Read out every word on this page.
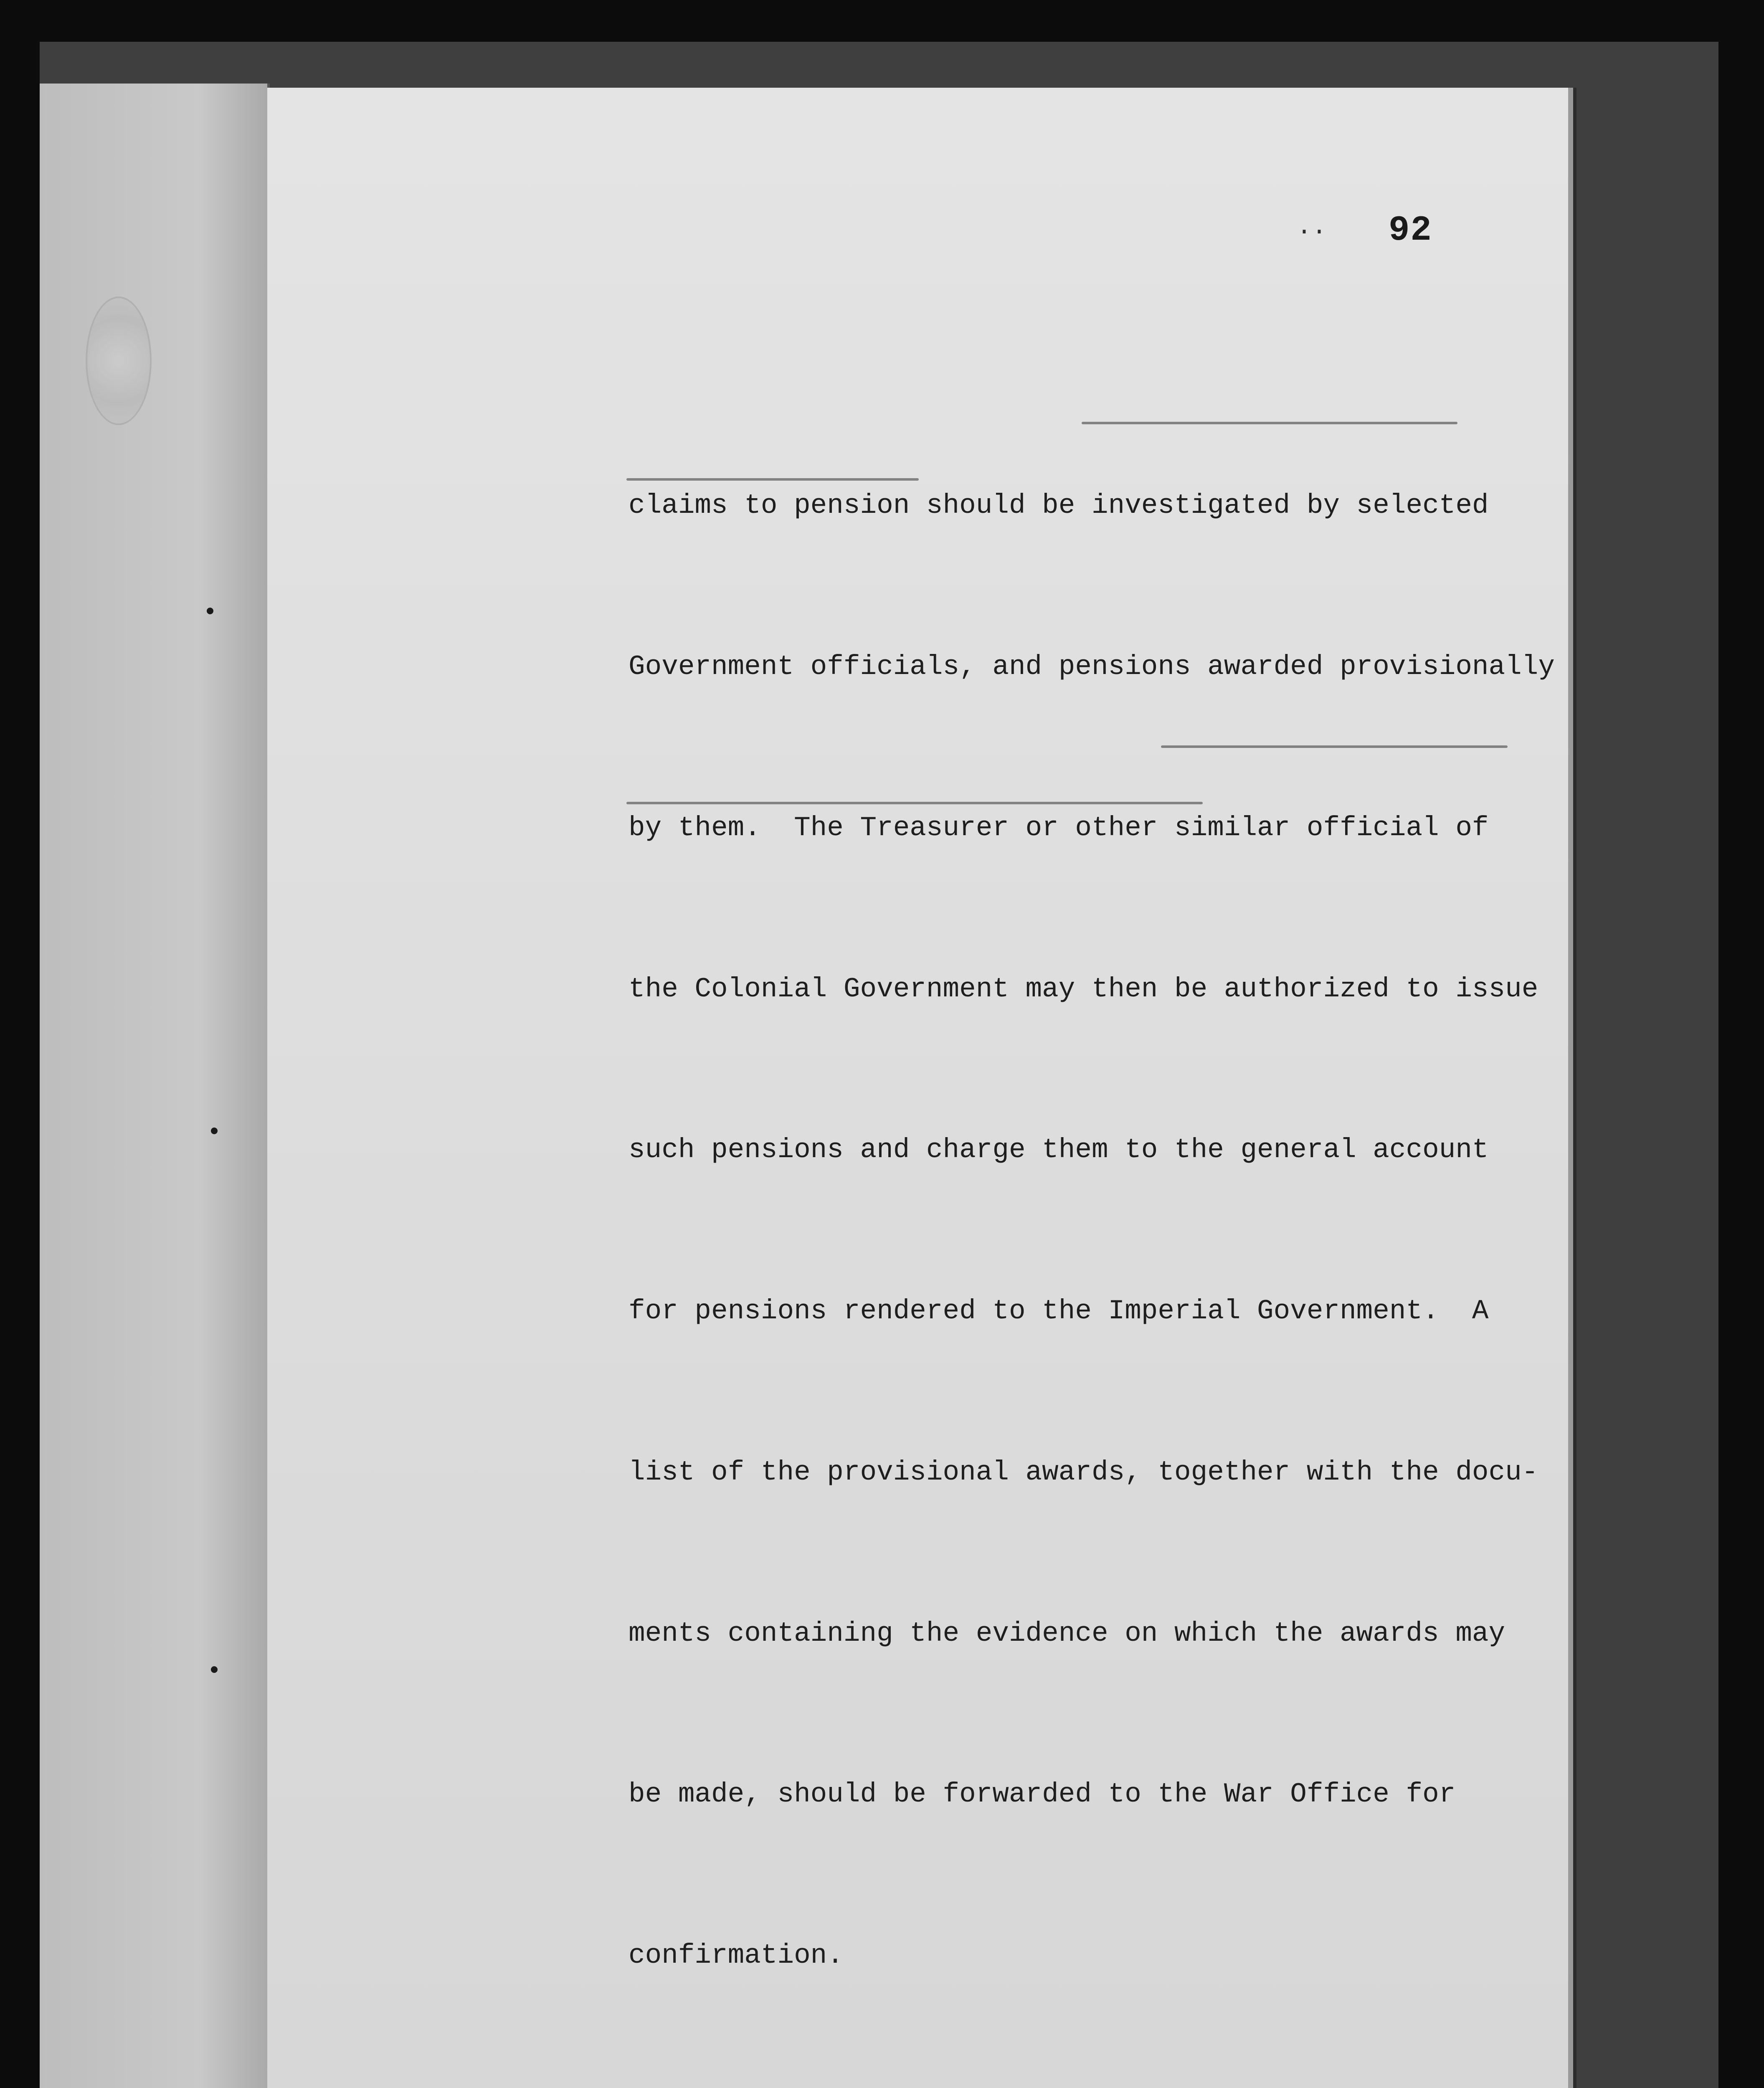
.. 92

claims to pension should be investigated by selected

Government officials, and pensions awarded provisionally

by them.  The Treasurer or other similar official of

the Colonial Government may then be authorized to issue

such pensions and charge them to the general account

for pensions rendered to the Imperial Government.  A

list of the provisional awards, together with the docu-

ments containing the evidence on which the awards may

be made, should be forwarded to the War Office for

confirmation.
